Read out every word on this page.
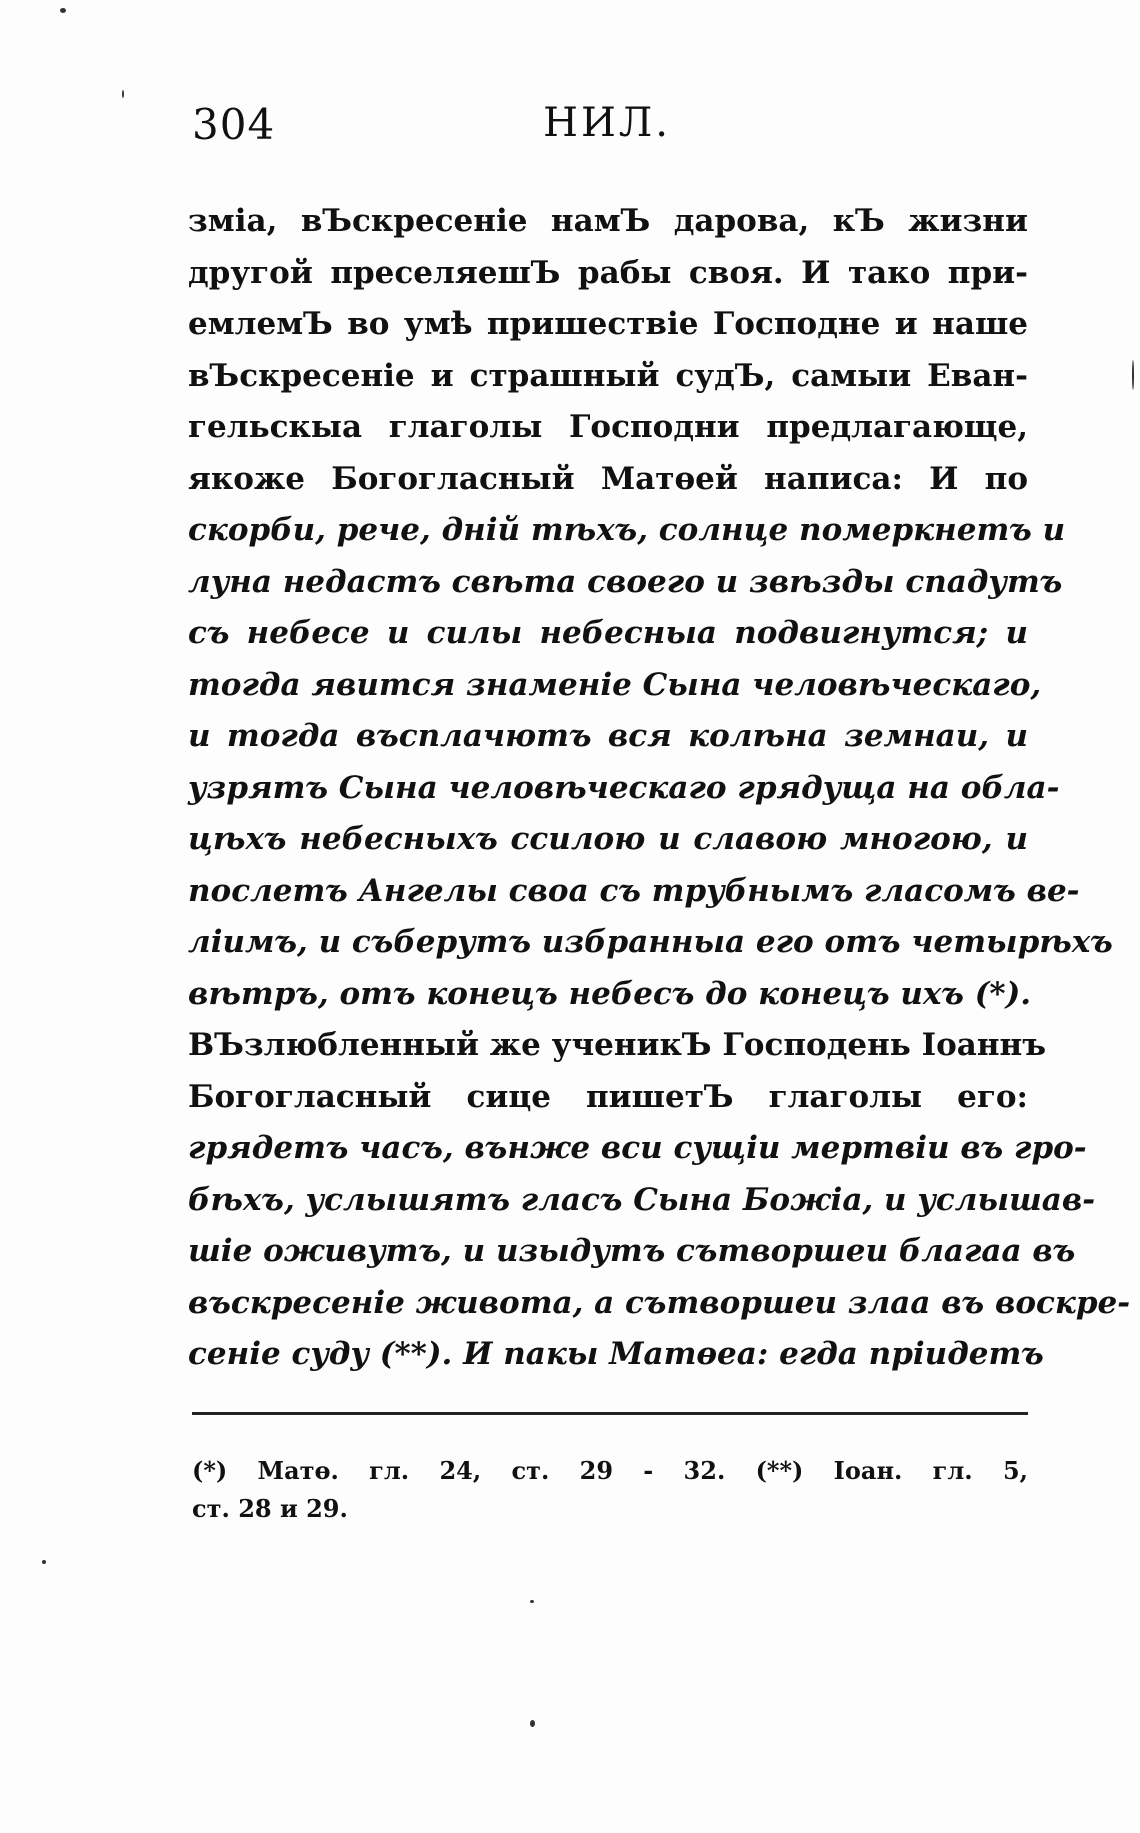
304	НИЛ.
зміа, вЪскресеніе намЪ дарова, кЪ жизни
другой преселяешЪ рабы своя. И тако при-
емлемЪ во умѣ пришествіе Господне и наше
вЪскресеніе и страшный судЪ, самыи Еван-
гельскыа глаголы Господни предлагающе,
якоже Богогласный Матөей написа: И по
скорби, рече, дній тѣхъ, солнце померкнетъ и
луна недастъ свѣта своего и звѣзды спадутъ
съ небесе и силы небесныа подвигнутся; и
тогда явится знаменіе Сына человѣческаго,
и тогда въсплачютъ вся колѣна земнаи, и
узрятъ Сына человѣческаго грядуща на обла-
цѣхъ небесныхъ ссилою и славою многою, и
послетъ Ангелы своа съ трубнымъ гласомъ ве-
ліимъ, и съберутъ избранныа его отъ четырѣхъ
вѣтръ, отъ конецъ небесъ до конецъ ихъ (*).
ВЪзлюбленный же ученикЪ Господень Іоаннъ
Богогласный сице пишетЪ глаголы его:
грядетъ часъ, вънже вси сущіи мертвіи въ гро-
бѣхъ, услышятъ гласъ Сына Божіа, и услышав-
шіе оживутъ, и изыдутъ сътворшеи благаа въ
въскресеніе живота, а сътворшеи злаа въ воскре-
сеніе суду (**). И пакы Матөеа: егда пріидетъ
(*) Матө. гл. 24, ст. 29 - 32. (**) Іоан. гл. 5,
ст. 28 и 29.
